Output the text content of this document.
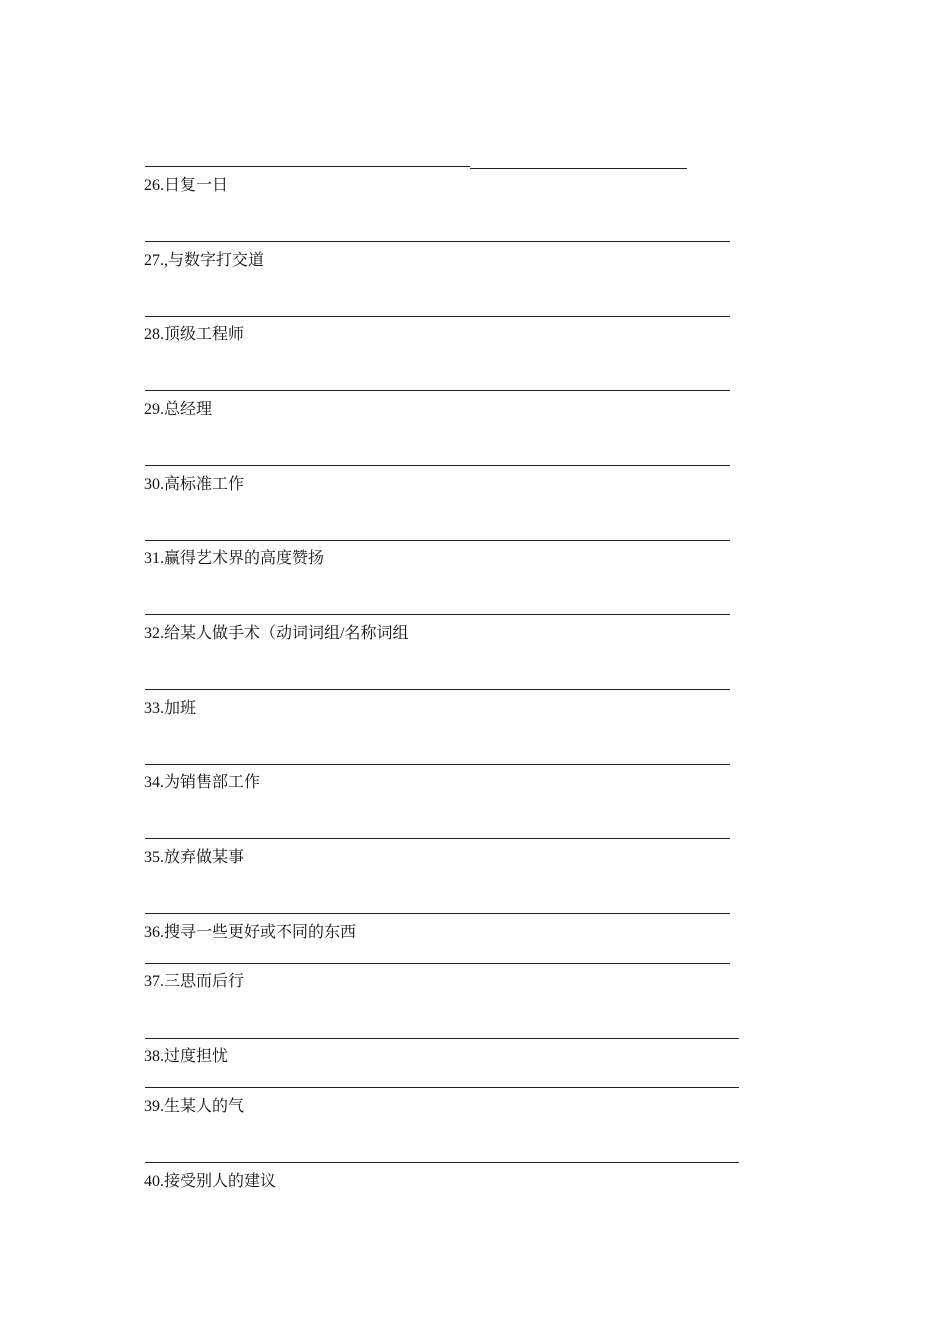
26.日复一日
27.,与数字打交道
28.顶级工程师
29.总经理
30.高标准工作
31.赢得艺术界的高度赞扬
32.给某人做手术（动词词组/名称词组
33.加班
34.为销售部工作
35.放弃做某事
36.搜寻一些更好或不同的东西
37.三思而后行
38.过度担忧
39.生某人的气
40.接受别人的建议
